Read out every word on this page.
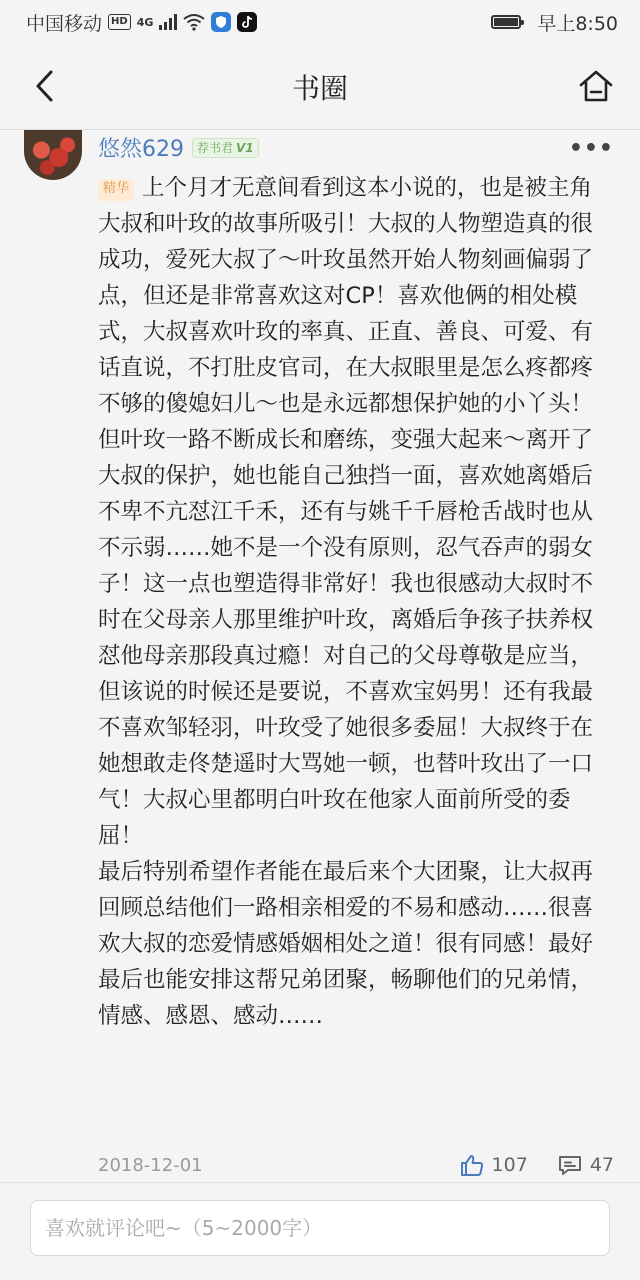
中国移动 HD 4G	早上8:50
书圈
悠然629 荐书君 V1	•••

精华 上个月才无意间看到这本小说的，也是被主角大叔和叶玫的故事所吸引！大叔的人物塑造真的很成功，爱死大叔了～叶玫虽然开始人物刻画偏弱了点，但还是非常喜欢这对CP！喜欢他俩的相处模式，大叔喜欢叶玫的率真、正直、善良、可爱、有话直说，不打肚皮官司，在大叔眼里是怎么疼都疼不够的傻媳妇儿～也是永远都想保护她的小丫头！但叶玫一路不断成长和磨练，变强大起来～离开了大叔的保护，她也能自己独挡一面，喜欢她离婚后不卑不亢怼江千禾，还有与姚千千唇枪舌战时也从不示弱……她不是一个没有原则，忍气吞声的弱女子！这一点也塑造得非常好！我也很感动大叔时不时在父母亲人那里维护叶玫，离婚后争孩子扶养权怼他母亲那段真过瘾！对自己的父母尊敬是应当，但该说的时候还是要说，不喜欢宝妈男！还有我最不喜欢邹轻羽，叶玫受了她很多委屈！大叔终于在她想敢走佟楚遥时大骂她一顿，也替叶玫出了一口气！大叔心里都明白叶玫在他家人面前所受的委屈！

最后特别希望作者能在最后来个大团聚，让大叔再回顾总结他们一路相亲相爱的不易和感动……很喜欢大叔的恋爱情感婚姻相处之道！很有同感！最好最后也能安排这帮兄弟团聚，畅聊他们的兄弟情，情感、感恩、感动……

2018-12-01	107	47
喜欢就评论吧~（5~2000字）
